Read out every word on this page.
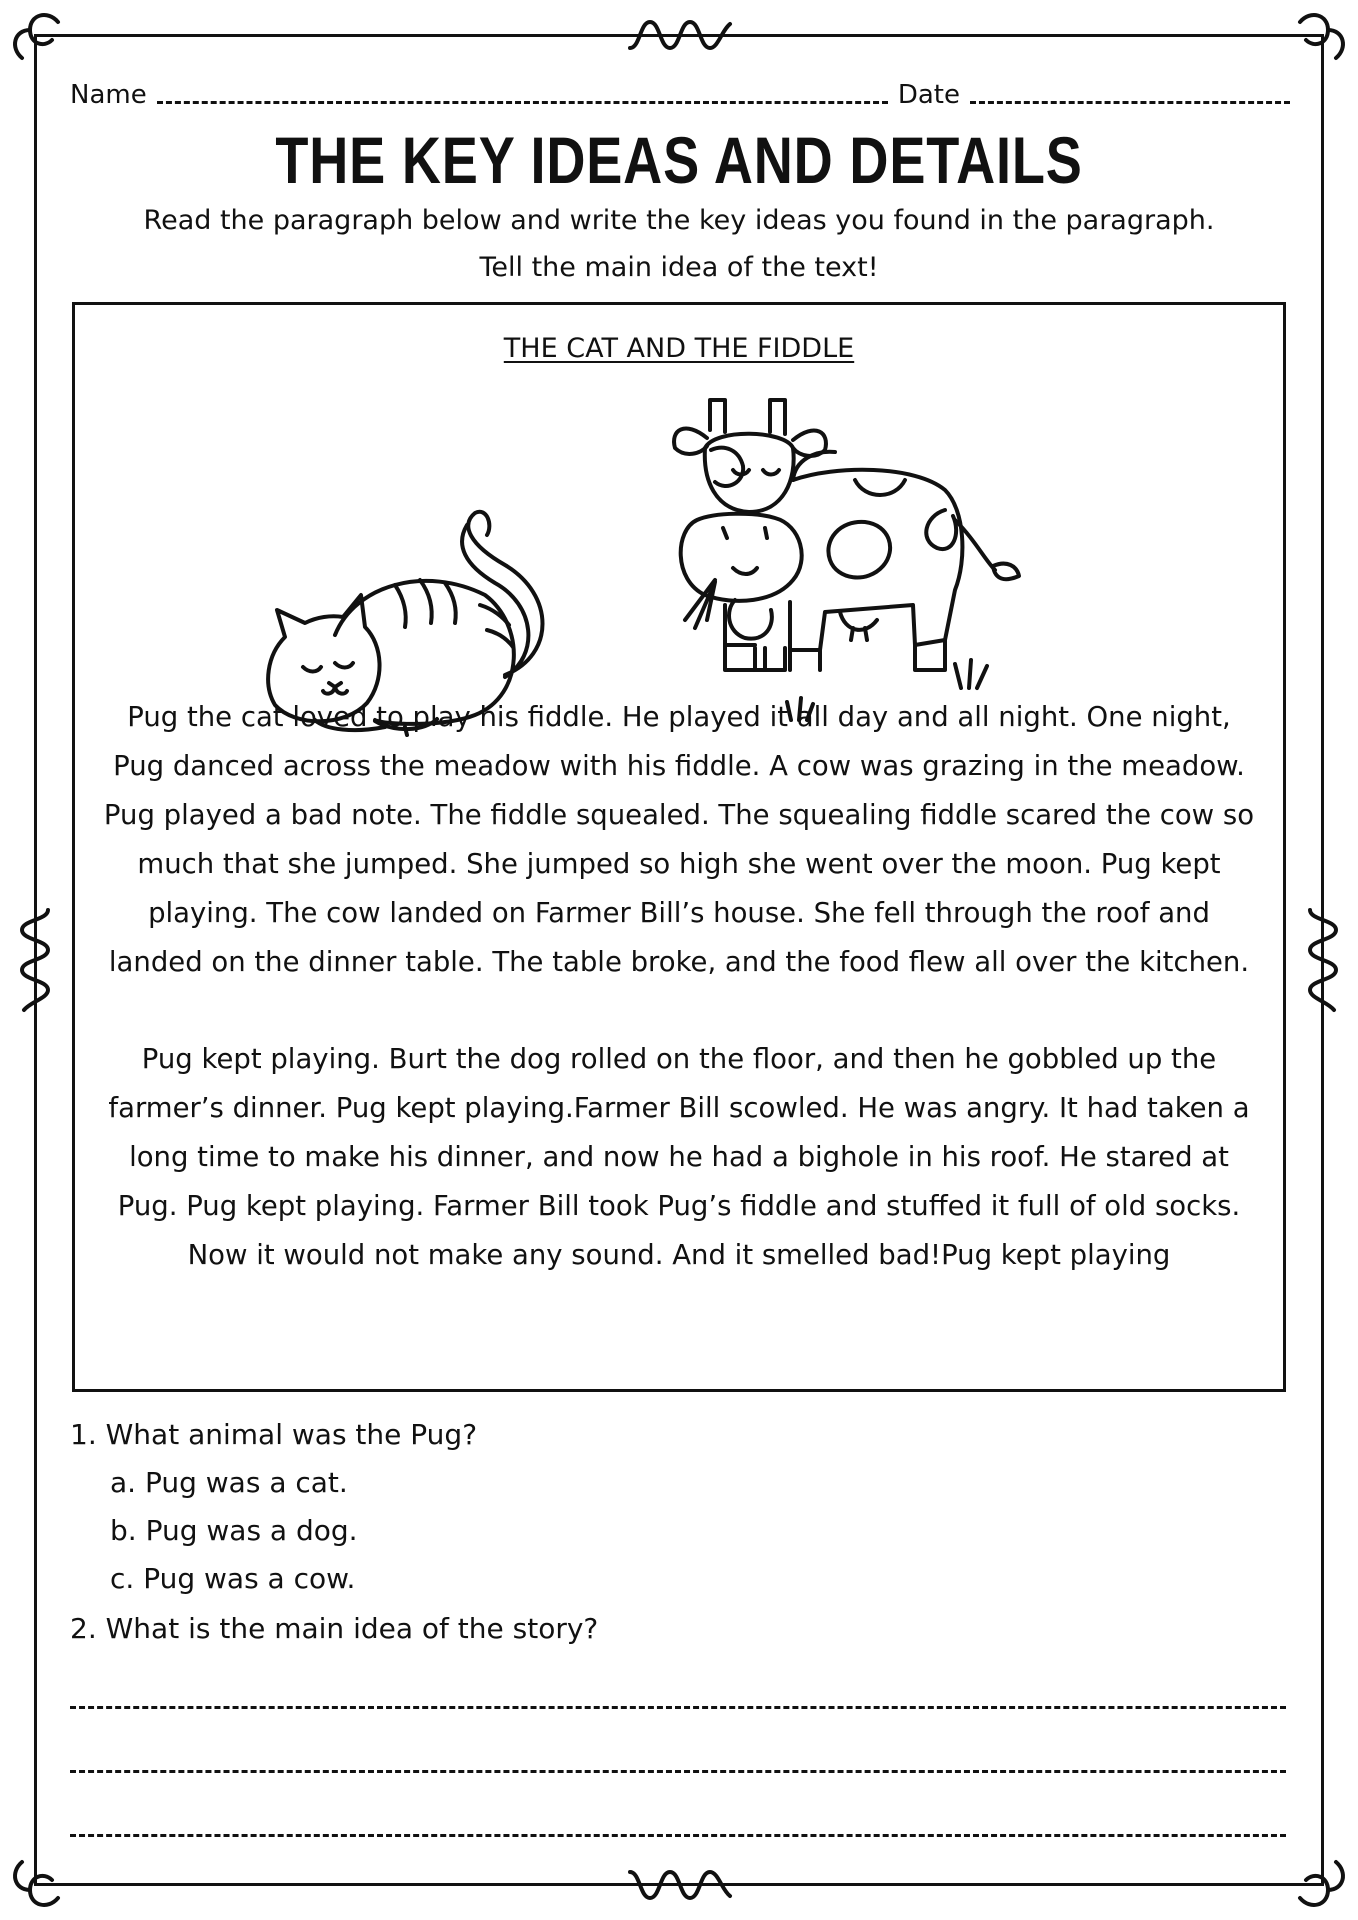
Name	Date
THE KEY IDEAS AND DETAILS
Read the paragraph below and write the key ideas you found in the paragraph.
Tell the main idea of the text!
THE CAT AND THE FIDDLE
Pug the cat loved to play his fiddle. He played it all day and all night. One night, Pug danced across the meadow with his fiddle. A cow was grazing in the meadow. Pug played a bad note. The fiddle squealed. The squealing fiddle scared the cow so much that she jumped. She jumped so high she went over the moon. Pug kept playing. The cow landed on Farmer Bill’s house. She fell through the roof and landed on the dinner table. The table broke, and the food flew all over the kitchen.
Pug kept playing. Burt the dog rolled on the floor, and then he gobbled up the farmer’s dinner. Pug kept playing.Farmer Bill scowled. He was angry. It had taken a long time to make his dinner, and now he had a bighole in his roof. He stared at Pug. Pug kept playing. Farmer Bill took Pug’s fiddle and stuffed it full of old socks. Now it would not make any sound. And it smelled bad!Pug kept playing
1. What animal was the Pug?
a. Pug was a cat.
b. Pug was a dog.
c. Pug was a cow.
2. What is the main idea of the story?
